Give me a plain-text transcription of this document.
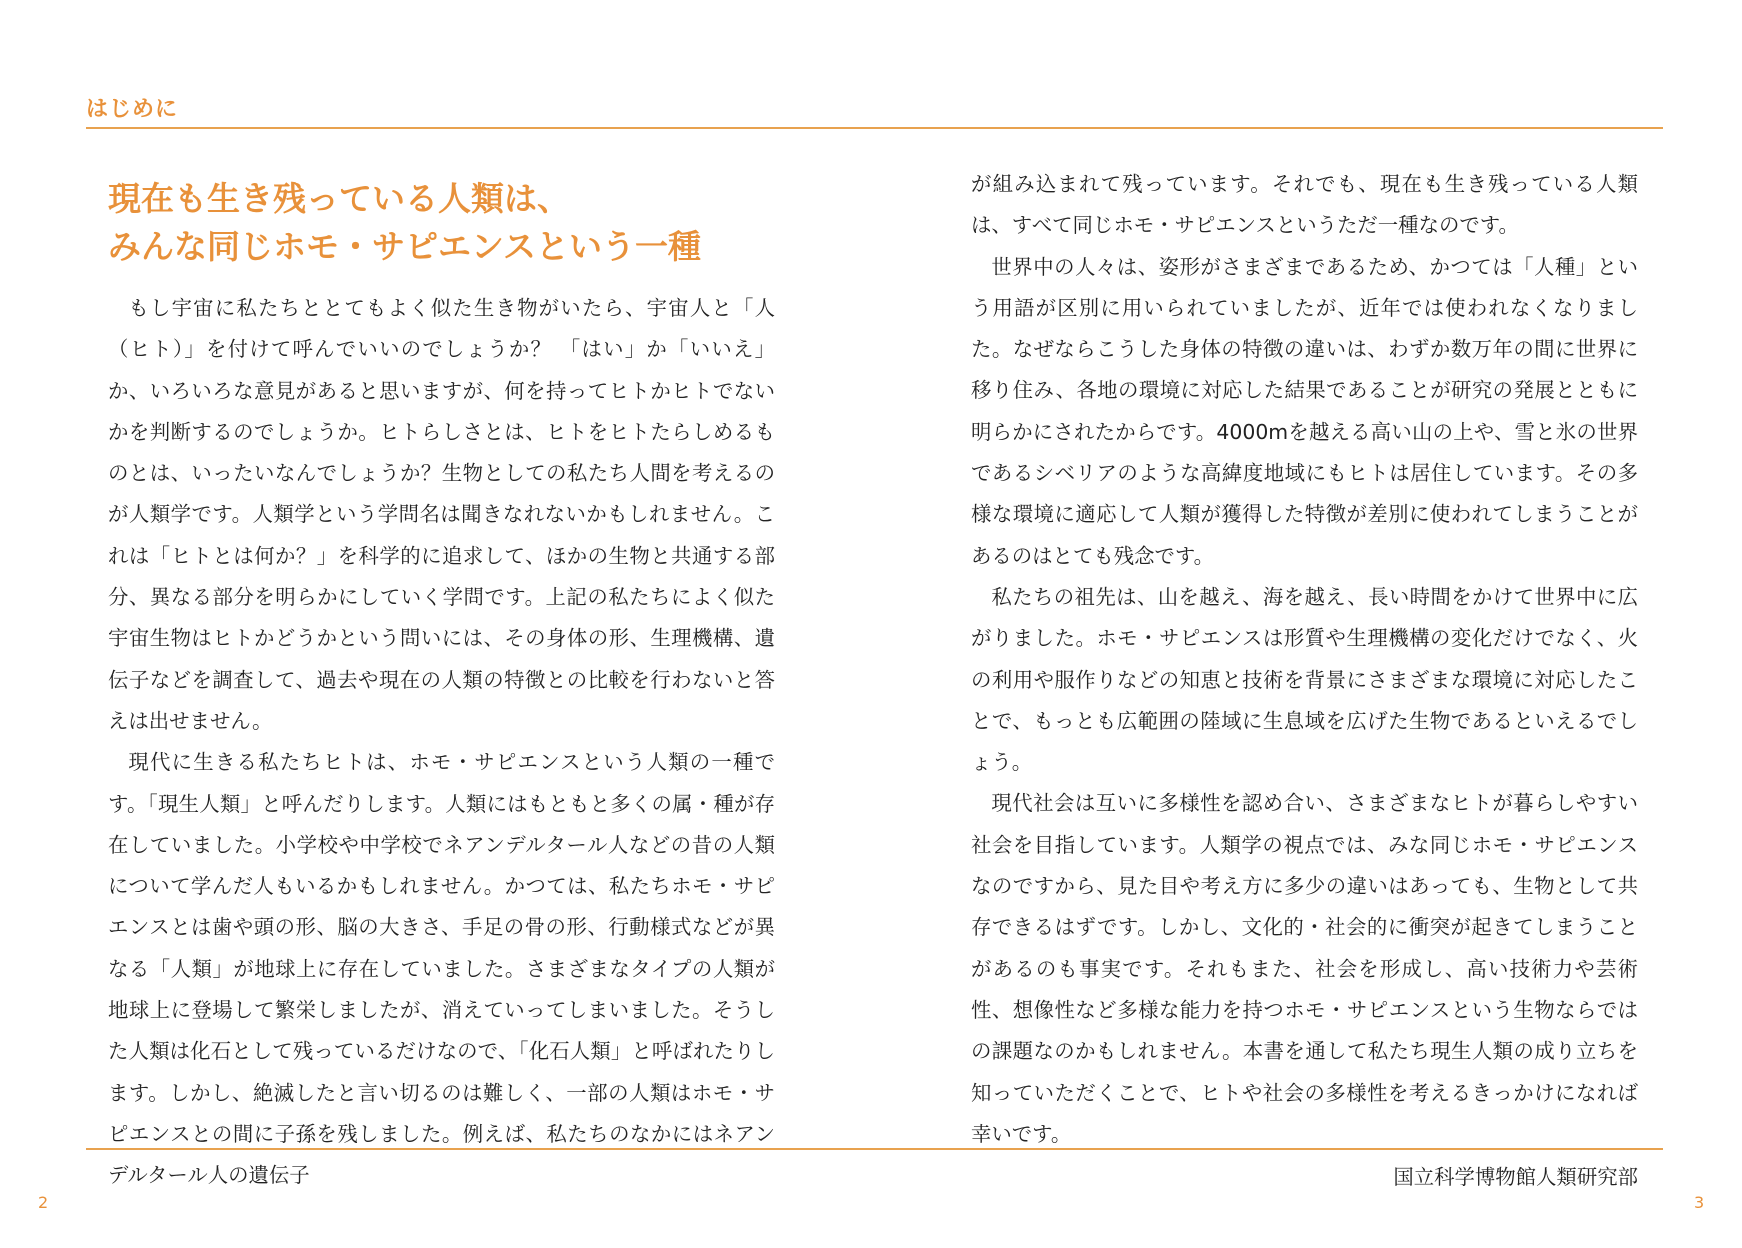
はじめに
現在も生き残っている人類は、
みんな同じホモ・サピエンスという一種

もし宇宙に私たちととてもよく似た生き物がいたら、宇宙人と「人（ヒト）」を付けて呼んでいいのでしょうか？ 「はい」か「いいえ」か、いろいろな意見があると思いますが、何を持ってヒトかヒトでないかを判断するのでしょうか。ヒトらしさとは、ヒトをヒトたらしめるものとは、いったいなんでしょうか？生物としての私たち人間を考えるのが人類学です。人類学という学問名は聞きなれないかもしれません。これは「ヒトとは何か？」を科学的に追求して、ほかの生物と共通する部分、異なる部分を明らかにしていく学問です。上記の私たちによく似た宇宙生物はヒトかどうかという問いには、その身体の形、生理機構、遺伝子などを調査して、過去や現在の人類の特徴との比較を行わないと答えは出せません。

現代に生きる私たちヒトは、ホモ・サピエンスという人類の一種です。「現生人類」と呼んだりします。人類にはもともと多くの属・種が存在していました。小学校や中学校でネアンデルタール人などの昔の人類について学んだ人もいるかもしれません。かつては、私たちホモ・サピエンスとは歯や頭の形、脳の大きさ、手足の骨の形、行動様式などが異なる「人類」が地球上に存在していました。さまざまなタイプの人類が地球上に登場して繁栄しましたが、消えていってしまいました。そうした人類は化石として残っているだけなので、「化石人類」と呼ばれたりします。しかし、絶滅したと言い切るのは難しく、一部の人類はホモ・サピエンスとの間に子孫を残しました。例えば、私たちのなかにはネアンデルタール人の遺伝子

が組み込まれて残っています。それでも、現在も生き残っている人類は、すべて同じホモ・サピエンスというただ一種なのです。

世界中の人々は、姿形がさまざまであるため、かつては「人種」という用語が区別に用いられていましたが、近年では使われなくなりました。なぜならこうした身体の特徴の違いは、わずか数万年の間に世界に移り住み、各地の環境に対応した結果であることが研究の発展とともに明らかにされたからです。4000mを越える高い山の上や、雪と氷の世界であるシベリアのような高緯度地域にもヒトは居住しています。その多様な環境に適応して人類が獲得した特徴が差別に使われてしまうことがあるのはとても残念です。

私たちの祖先は、山を越え、海を越え、長い時間をかけて世界中に広がりました。ホモ・サピエンスは形質や生理機構の変化だけでなく、火の利用や服作りなどの知恵と技術を背景にさまざまな環境に対応したことで、もっとも広範囲の陸域に生息域を広げた生物であるといえるでしょう。

現代社会は互いに多様性を認め合い、さまざまなヒトが暮らしやすい社会を目指しています。人類学の視点では、みな同じホモ・サピエンスなのですから、見た目や考え方に多少の違いはあっても、生物として共存できるはずです。しかし、文化的・社会的に衝突が起きてしまうことがあるのも事実です。それもまた、社会を形成し、高い技術力や芸術性、想像性など多様な能力を持つホモ・サピエンスという生物ならではの課題なのかもしれません。本書を通して私たち現生人類の成り立ちを知っていただくことで、ヒトや社会の多様性を考えるきっかけになれば幸いです。

国立科学博物館人類研究部
2	3
